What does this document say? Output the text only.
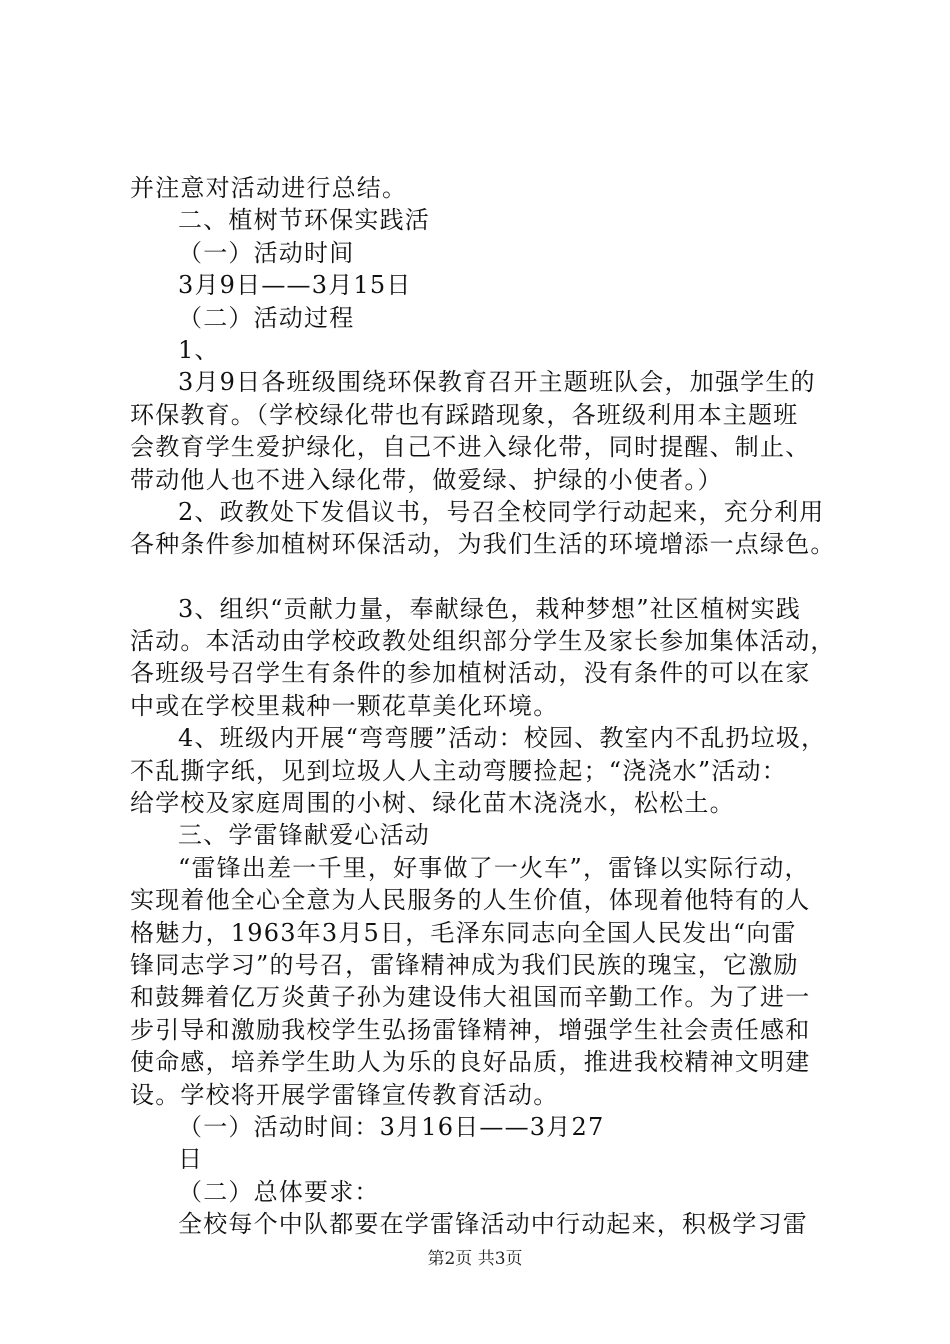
并注意对活动进行总结。
二、植树节环保实践活
（一）活动时间
3月9日——3月15日
（二）活动过程
1、
3月9日各班级围绕环保教育召开主题班队会，加强学生的
环保教育。（学校绿化带也有踩踏现象，各班级利用本主题班
会教育学生爱护绿化，自己不进入绿化带，同时提醒、制止、
带动他人也不进入绿化带，做爱绿、护绿的小使者。）
2、政教处下发倡议书，号召全校同学行动起来，充分利用
各种条件参加植树环保活动，为我们生活的环境增添一点绿色。
3、组织“贡献力量，奉献绿色，栽种梦想”社区植树实践
活动。本活动由学校政教处组织部分学生及家长参加集体活动，
各班级号召学生有条件的参加植树活动，没有条件的可以在家
中或在学校里栽种一颗花草美化环境。
4、班级内开展“弯弯腰”活动：校园、教室内不乱扔垃圾，
不乱撕字纸，见到垃圾人人主动弯腰捡起；“浇浇水”活动：
给学校及家庭周围的小树、绿化苗木浇浇水，松松土。
三、学雷锋献爱心活动
“雷锋出差一千里，好事做了一火车”，雷锋以实际行动，
实现着他全心全意为人民服务的人生价值，体现着他特有的人
格魅力，1963年3月5日，毛泽东同志向全国人民发出“向雷
锋同志学习”的号召，雷锋精神成为我们民族的瑰宝，它激励
和鼓舞着亿万炎黄子孙为建设伟大祖国而辛勤工作。为了进一
步引导和激励我校学生弘扬雷锋精神，增强学生社会责任感和
使命感，培养学生助人为乐的良好品质，推进我校精神文明建
设。学校将开展学雷锋宣传教育活动。
（一）活动时间：3月16日——3月27
日
（二）总体要求：
全校每个中队都要在学雷锋活动中行动起来，积极学习雷
第2页 共3页
